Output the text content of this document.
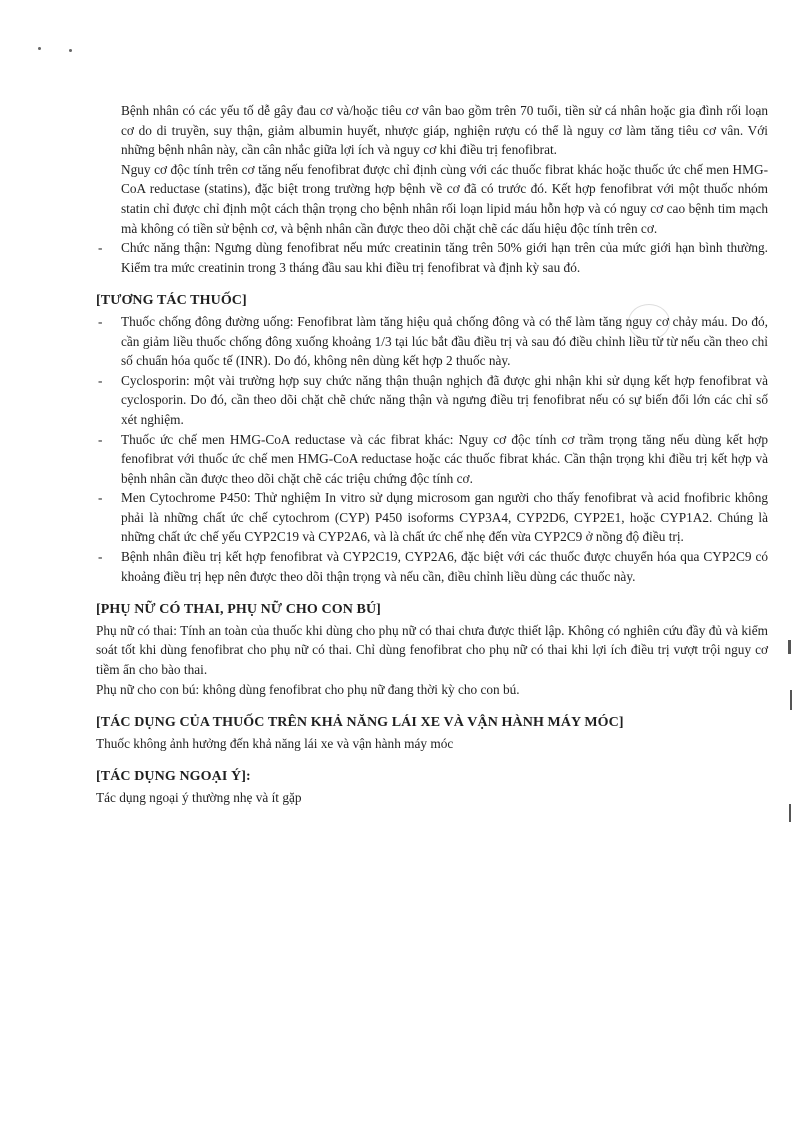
Bệnh nhân có các yếu tố dễ gây đau cơ và/hoặc tiêu cơ vân bao gồm trên 70 tuổi, tiền sử cá nhân hoặc gia đình rối loạn cơ do di truyền, suy thận, giảm albumin huyết, nhược giáp, nghiện rượu có thể là nguy cơ làm tăng tiêu cơ vân. Với những bệnh nhân này, cần cân nhắc giữa lợi ích và nguy cơ khi điều trị fenofibrat.

Nguy cơ độc tính trên cơ tăng nếu fenofibrat được chỉ định cùng với các thuốc fibrat khác hoặc thuốc ức chế men HMG-CoA reductase (statins), đặc biệt trong trường hợp bệnh về cơ đã có trước đó. Kết hợp fenofibrat với một thuốc nhóm statin chỉ được chỉ định một cách thận trọng cho bệnh nhân rối loạn lipid máu hỗn hợp và có nguy cơ cao bệnh tim mạch mà không có tiền sử bệnh cơ, và bệnh nhân cần được theo dõi chặt chẽ các dấu hiệu độc tính trên cơ.

- Chức năng thận: Ngưng dùng fenofibrat nếu mức creatinin tăng trên 50% giới hạn trên của mức giới hạn bình thường. Kiểm tra mức creatinin trong 3 tháng đầu sau khi điều trị fenofibrat và định kỳ sau đó.

[TƯƠNG TÁC THUỐC]

- Thuốc chống đông đường uống: Fenofibrat làm tăng hiệu quả chống đông và có thể làm tăng nguy cơ chảy máu. Do đó, cần giảm liều thuốc chống đông xuống khoảng 1/3 tại lúc bắt đầu điều trị và sau đó điều chỉnh liều từ từ nếu cần theo chỉ số chuẩn hóa quốc tế (INR). Do đó, không nên dùng kết hợp 2 thuốc này.

- Cyclosporin: một vài trường hợp suy chức năng thận thuận nghịch đã được ghi nhận khi sử dụng kết hợp fenofibrat và cyclosporin. Do đó, cần theo dõi chặt chẽ chức năng thận và ngưng điều trị fenofibrat nếu có sự biến đổi lớn các chỉ số xét nghiệm.

- Thuốc ức chế men HMG-CoA reductase và các fibrat khác: Nguy cơ độc tính cơ trầm trọng tăng nếu dùng kết hợp fenofibrat với thuốc ức chế men HMG-CoA reductase hoặc các thuốc fibrat khác. Cần thận trọng khi điều trị kết hợp và bệnh nhân cần được theo dõi chặt chẽ các triệu chứng độc tính cơ.

- Men Cytochrome P450: Thử nghiệm In vitro sử dụng microsom gan người cho thấy fenofibrat và acid fnofibric không phải là những chất ức chế cytochrom (CYP) P450 isoforms CYP3A4, CYP2D6, CYP2E1, hoặc CYP1A2. Chúng là những chất ức chế yếu CYP2C19 và CYP2A6, và là chất ức chế nhẹ đến vừa CYP2C9 ở nồng độ điều trị.

- Bệnh nhân điều trị kết hợp fenofibrat và CYP2C19, CYP2A6, đặc biệt với các thuốc được chuyển hóa qua CYP2C9 có khoảng điều trị hẹp nên được theo dõi thận trọng và nếu cần, điều chỉnh liều dùng các thuốc này.

[PHỤ NỮ CÓ THAI, PHỤ NỮ CHO CON BÚ]

Phụ nữ có thai: Tính an toàn của thuốc khi dùng cho phụ nữ có thai chưa được thiết lập. Không có nghiên cứu đầy đủ và kiểm soát tốt khi dùng fenofibrat cho phụ nữ có thai. Chỉ dùng fenofibrat cho phụ nữ có thai khi lợi ích điều trị vượt trội nguy cơ tiềm ẩn cho bào thai.

Phụ nữ cho con bú: không dùng fenofibrat cho phụ nữ đang thời kỳ cho con bú.

[TÁC DỤNG CỦA THUỐC TRÊN KHẢ NĂNG LÁI XE VÀ VẬN HÀNH MÁY MÓC]

Thuốc không ảnh hưởng đến khả năng lái xe và vận hành máy móc

[TÁC DỤNG NGOẠI Ý]:

Tác dụng ngoại ý thường nhẹ và ít gặp
